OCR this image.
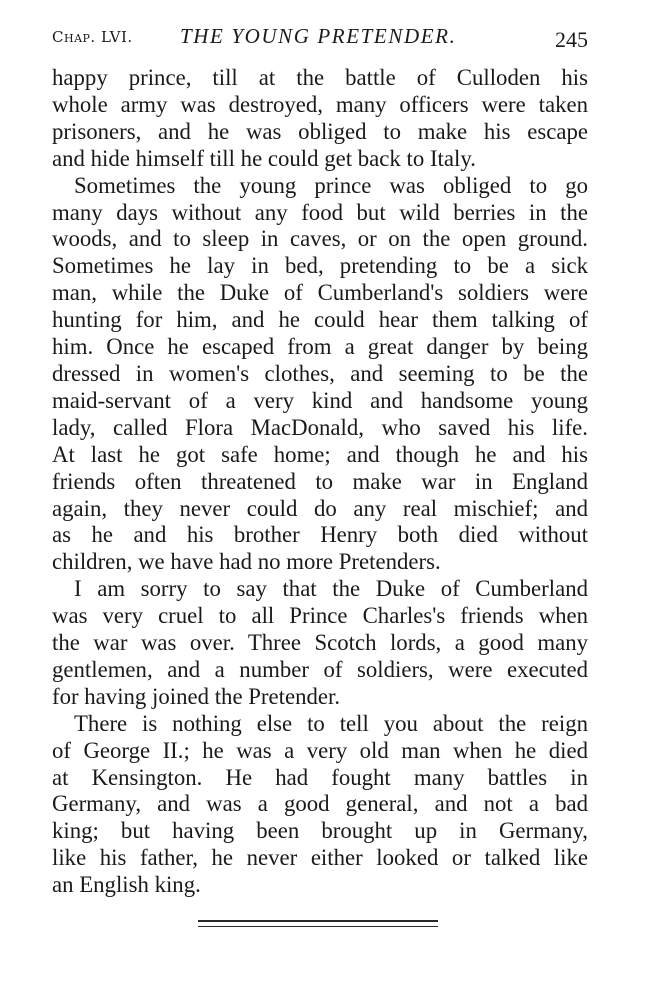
Chap. LVI. THE YOUNG PRETENDER.	245
happy prince, till at the battle of Culloden his
whole army was destroyed, many officers were taken
prisoners, and he was obliged to make his escape
and hide himself till he could get back to Italy.
Sometimes the young prince was obliged to go
many days without any food but wild berries in the
woods, and to sleep in caves, or on the open ground.
Sometimes he lay in bed, pretending to be a sick
man, while the Duke of Cumberland's soldiers were
hunting for him, and he could hear them talking of
him. Once he escaped from a great danger by being
dressed in women's clothes, and seeming to be the
maid-servant of a very kind and handsome young
lady, called Flora MacDonald, who saved his life.
At last he got safe home; and though he and his
friends often threatened to make war in England
again, they never could do any real mischief; and
as he and his brother Henry both died without
children, we have had no more Pretenders.
I am sorry to say that the Duke of Cumberland
was very cruel to all Prince Charles's friends when
the war was over. Three Scotch lords, a good many
gentlemen, and a number of soldiers, were executed
for having joined the Pretender.
There is nothing else to tell you about the reign
of George II.; he was a very old man when he died
at Kensington. He had fought many battles in
Germany, and was a good general, and not a bad
king; but having been brought up in Germany,
like his father, he never either looked or talked like
an English king.
